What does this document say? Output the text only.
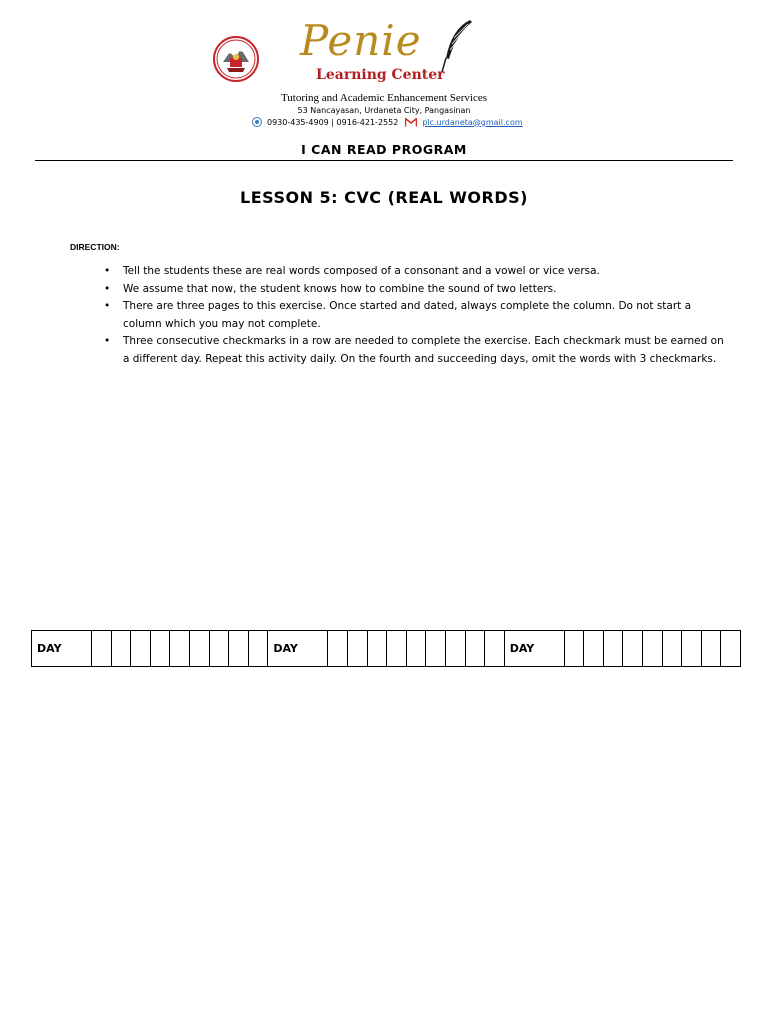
Penie
Learning Center
Tutoring and Academic Enhancement Services
53 Nancayasan, Urdaneta City, Pangasinan
0930-435-4909 | 0916-421-2552	plc.urdaneta@gmail.com
I CAN READ PROGRAM
LESSON 5: CVC (REAL WORDS)
DIRECTION:
• Tell the students these are real words composed of a consonant and a vowel or vice versa.
• We assume that now, the student knows how to combine the sound of two letters.
• There are three pages to this exercise. Once started and dated, always complete the column. Do not start a column which you may not complete.
• Three consecutive checkmarks in a row are needed to complete the exercise. Each checkmark must be earned on a different day. Repeat this activity daily. On the fourth and succeeding days, omit the words with 3 checkmarks.
DAY										DAY										DAY									
